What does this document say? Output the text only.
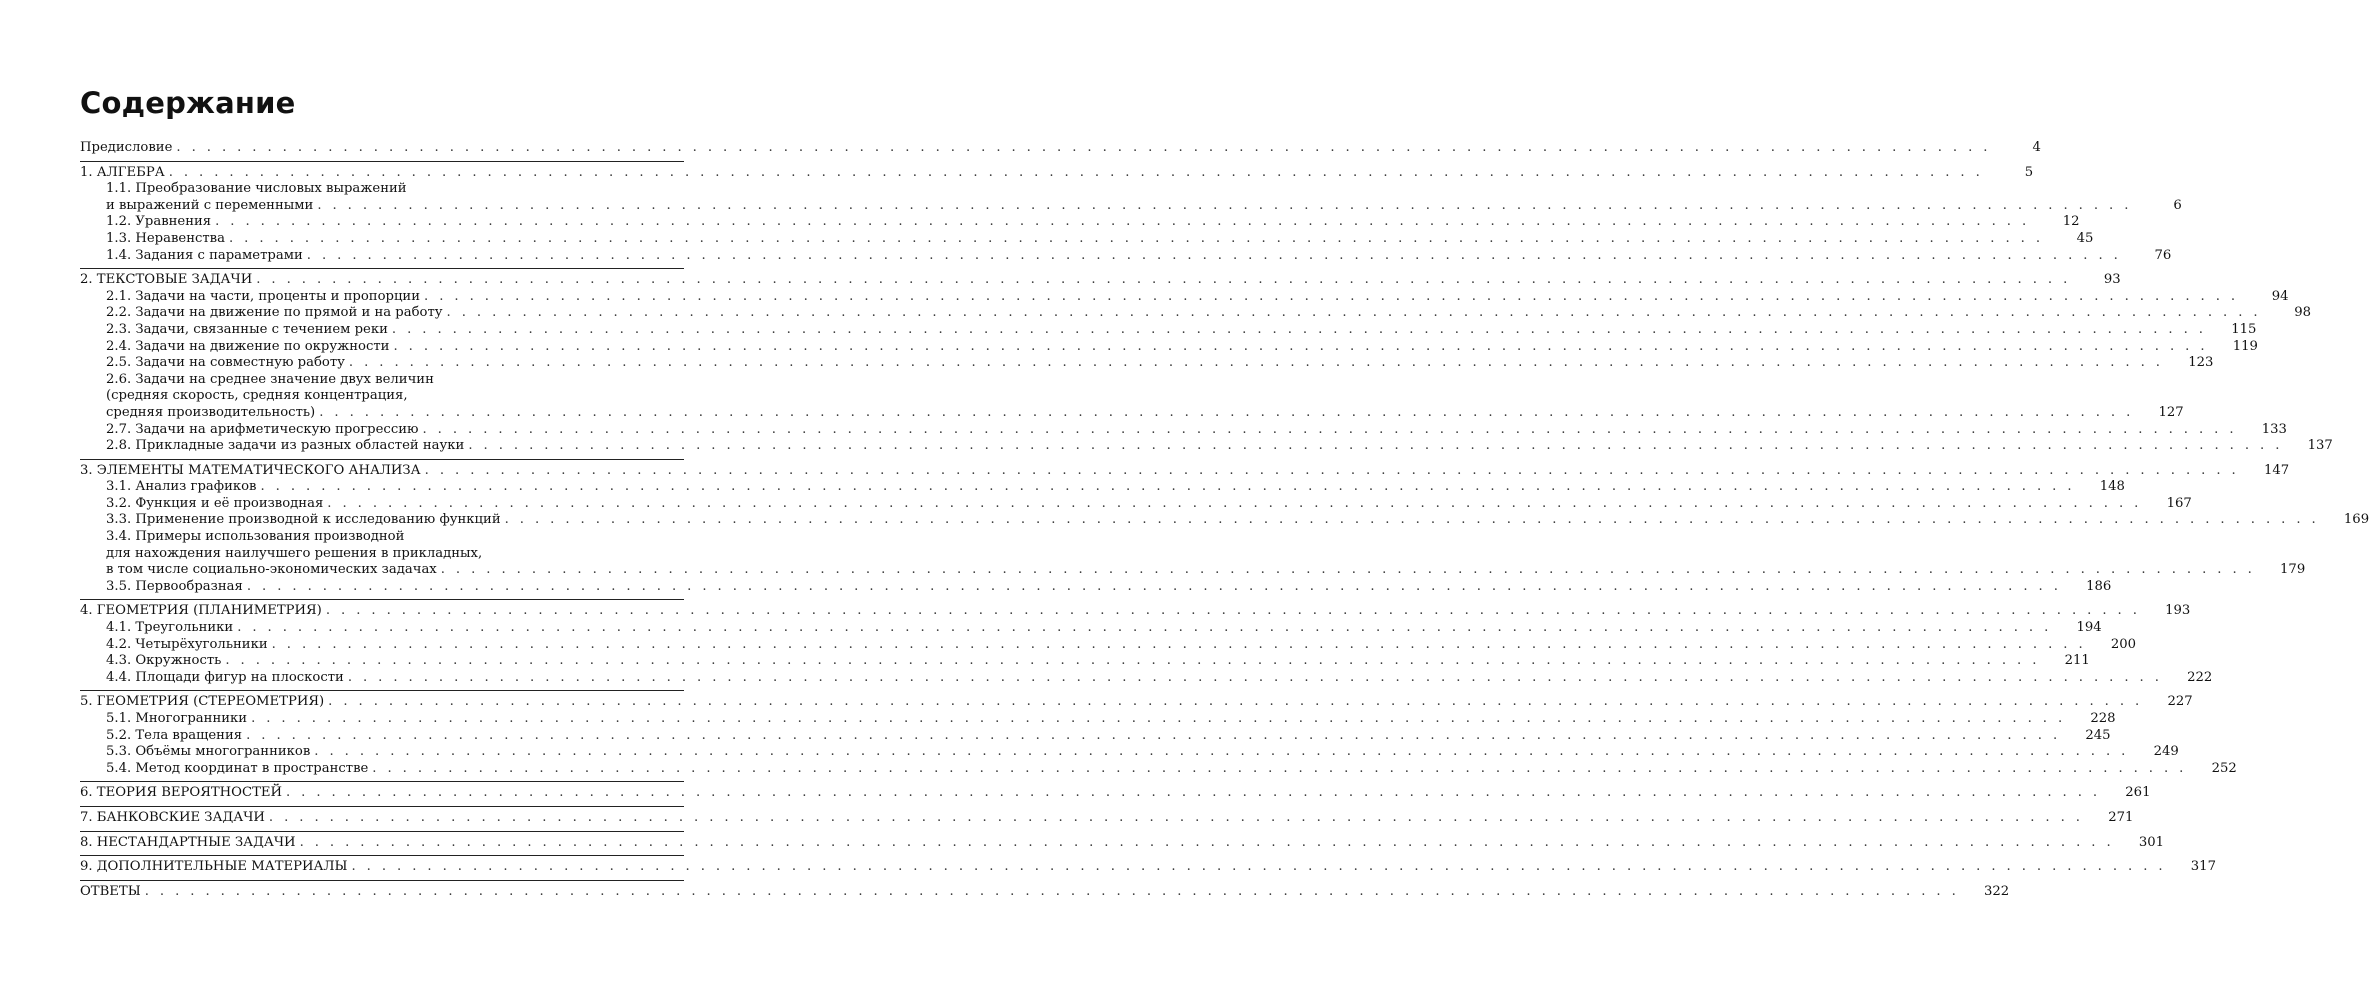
Содержание
Предисловие . . . . . . . . . . . . . . . . . . . . . . . . . . . . . . . . . . . . . . . . . . . . . . . . . . . . . . . . . . . . . . . . . . . . . . . . . . . . . . . . . . . . . . . . . . . . . . . . . . . . . . . . . . . . . . . . . . . . . . . .	4
1. АЛГЕБРА . . . . . . . . . . . . . . . . . . . . . . . . . . . . . . . . . . . . . . . . . . . . . . . . . . . . . . . . . . . . . . . . . . . . . . . . . . . . . . . . . . . . . . . . . . . . . . . . . . . . . . . . . . . . . . . . . . . . . . . .	5
1.1. Преобразование числовых выражений
и выражений с переменными . . . . . . . . . . . . . . . . . . . . . . . . . . . . . . . . . . . . . . . . . . . . . . . . . . . . . . . . . . . . . . . . . . . . . . . . . . . . . . . . . . . . . . . . . . . . . . . . . . . . . . . . . . . . . . . . . . . . . . . .	6
1.2. Уравнения . . . . . . . . . . . . . . . . . . . . . . . . . . . . . . . . . . . . . . . . . . . . . . . . . . . . . . . . . . . . . . . . . . . . . . . . . . . . . . . . . . . . . . . . . . . . . . . . . . . . . . . . . . . . . . . . . . . . . . . .	12
1.3. Неравенства . . . . . . . . . . . . . . . . . . . . . . . . . . . . . . . . . . . . . . . . . . . . . . . . . . . . . . . . . . . . . . . . . . . . . . . . . . . . . . . . . . . . . . . . . . . . . . . . . . . . . . . . . . . . . . . . . . . . . . . .	45
1.4. Задания с параметрами . . . . . . . . . . . . . . . . . . . . . . . . . . . . . . . . . . . . . . . . . . . . . . . . . . . . . . . . . . . . . . . . . . . . . . . . . . . . . . . . . . . . . . . . . . . . . . . . . . . . . . . . . . . . . . . . . . . . . . . .	76
2. ТЕКСТОВЫЕ ЗАДАЧИ . . . . . . . . . . . . . . . . . . . . . . . . . . . . . . . . . . . . . . . . . . . . . . . . . . . . . . . . . . . . . . . . . . . . . . . . . . . . . . . . . . . . . . . . . . . . . . . . . . . . . . . . . . . . . . . . . . . . . . . .	93
2.1. Задачи на части, проценты и пропорции . . . . . . . . . . . . . . . . . . . . . . . . . . . . . . . . . . . . . . . . . . . . . . . . . . . . . . . . . . . . . . . . . . . . . . . . . . . . . . . . . . . . . . . . . . . . . . . . . . . . . . . . . . . . . . . . . . . . . . . .	94
2.2. Задачи на движение по прямой и на работу . . . . . . . . . . . . . . . . . . . . . . . . . . . . . . . . . . . . . . . . . . . . . . . . . . . . . . . . . . . . . . . . . . . . . . . . . . . . . . . . . . . . . . . . . . . . . . . . . . . . . . . . . . . . . . . . . . . . . . . .	98
2.3. Задачи, связанные с течением реки . . . . . . . . . . . . . . . . . . . . . . . . . . . . . . . . . . . . . . . . . . . . . . . . . . . . . . . . . . . . . . . . . . . . . . . . . . . . . . . . . . . . . . . . . . . . . . . . . . . . . . . . . . . . . . . . . . . . . . . .	115
2.4. Задачи на движение по окружности . . . . . . . . . . . . . . . . . . . . . . . . . . . . . . . . . . . . . . . . . . . . . . . . . . . . . . . . . . . . . . . . . . . . . . . . . . . . . . . . . . . . . . . . . . . . . . . . . . . . . . . . . . . . . . . . . . . . . . . .	119
2.5. Задачи на совместную работу . . . . . . . . . . . . . . . . . . . . . . . . . . . . . . . . . . . . . . . . . . . . . . . . . . . . . . . . . . . . . . . . . . . . . . . . . . . . . . . . . . . . . . . . . . . . . . . . . . . . . . . . . . . . . . . . . . . . . . . .	123
2.6. Задачи на среднее значение двух величин
(средняя скорость, средняя концентрация,
средняя производительность) . . . . . . . . . . . . . . . . . . . . . . . . . . . . . . . . . . . . . . . . . . . . . . . . . . . . . . . . . . . . . . . . . . . . . . . . . . . . . . . . . . . . . . . . . . . . . . . . . . . . . . . . . . . . . . . . . . . . . . . .	127
2.7. Задачи на арифметическую прогрессию . . . . . . . . . . . . . . . . . . . . . . . . . . . . . . . . . . . . . . . . . . . . . . . . . . . . . . . . . . . . . . . . . . . . . . . . . . . . . . . . . . . . . . . . . . . . . . . . . . . . . . . . . . . . . . . . . . . . . . . .	133
2.8. Прикладные задачи из разных областей науки . . . . . . . . . . . . . . . . . . . . . . . . . . . . . . . . . . . . . . . . . . . . . . . . . . . . . . . . . . . . . . . . . . . . . . . . . . . . . . . . . . . . . . . . . . . . . . . . . . . . . . . . . . . . . . . . . . . . . . . .	137
3. ЭЛЕМЕНТЫ МАТЕМАТИЧЕСКОГО АНАЛИЗА . . . . . . . . . . . . . . . . . . . . . . . . . . . . . . . . . . . . . . . . . . . . . . . . . . . . . . . . . . . . . . . . . . . . . . . . . . . . . . . . . . . . . . . . . . . . . . . . . . . . . . . . . . . . . . . . . . . . . . . .	147
3.1. Анализ графиков . . . . . . . . . . . . . . . . . . . . . . . . . . . . . . . . . . . . . . . . . . . . . . . . . . . . . . . . . . . . . . . . . . . . . . . . . . . . . . . . . . . . . . . . . . . . . . . . . . . . . . . . . . . . . . . . . . . . . . . .	148
3.2. Функция и её производная . . . . . . . . . . . . . . . . . . . . . . . . . . . . . . . . . . . . . . . . . . . . . . . . . . . . . . . . . . . . . . . . . . . . . . . . . . . . . . . . . . . . . . . . . . . . . . . . . . . . . . . . . . . . . . . . . . . . . . . .	167
3.3. Применение производной к исследованию функций . . . . . . . . . . . . . . . . . . . . . . . . . . . . . . . . . . . . . . . . . . . . . . . . . . . . . . . . . . . . . . . . . . . . . . . . . . . . . . . . . . . . . . . . . . . . . . . . . . . . . . . . . . . . . . . . . . . . . . . .	169
3.4. Примеры использования производной
для нахождения наилучшего решения в прикладных,
в том числе социально-экономических задачах . . . . . . . . . . . . . . . . . . . . . . . . . . . . . . . . . . . . . . . . . . . . . . . . . . . . . . . . . . . . . . . . . . . . . . . . . . . . . . . . . . . . . . . . . . . . . . . . . . . . . . . . . . . . . . . . . . . . . . . .	179
3.5. Первообразная . . . . . . . . . . . . . . . . . . . . . . . . . . . . . . . . . . . . . . . . . . . . . . . . . . . . . . . . . . . . . . . . . . . . . . . . . . . . . . . . . . . . . . . . . . . . . . . . . . . . . . . . . . . . . . . . . . . . . . . .	186
4. ГЕОМЕТРИЯ (ПЛАНИМЕТРИЯ) . . . . . . . . . . . . . . . . . . . . . . . . . . . . . . . . . . . . . . . . . . . . . . . . . . . . . . . . . . . . . . . . . . . . . . . . . . . . . . . . . . . . . . . . . . . . . . . . . . . . . . . . . . . . . . . . . . . . . . . .	193
4.1. Треугольники . . . . . . . . . . . . . . . . . . . . . . . . . . . . . . . . . . . . . . . . . . . . . . . . . . . . . . . . . . . . . . . . . . . . . . . . . . . . . . . . . . . . . . . . . . . . . . . . . . . . . . . . . . . . . . . . . . . . . . . .	194
4.2. Четырёхугольники . . . . . . . . . . . . . . . . . . . . . . . . . . . . . . . . . . . . . . . . . . . . . . . . . . . . . . . . . . . . . . . . . . . . . . . . . . . . . . . . . . . . . . . . . . . . . . . . . . . . . . . . . . . . . . . . . . . . . . . .	200
4.3. Окружность . . . . . . . . . . . . . . . . . . . . . . . . . . . . . . . . . . . . . . . . . . . . . . . . . . . . . . . . . . . . . . . . . . . . . . . . . . . . . . . . . . . . . . . . . . . . . . . . . . . . . . . . . . . . . . . . . . . . . . . .	211
4.4. Площади фигур на плоскости . . . . . . . . . . . . . . . . . . . . . . . . . . . . . . . . . . . . . . . . . . . . . . . . . . . . . . . . . . . . . . . . . . . . . . . . . . . . . . . . . . . . . . . . . . . . . . . . . . . . . . . . . . . . . . . . . . . . . . . .	222
5. ГЕОМЕТРИЯ (СТЕРЕОМЕТРИЯ) . . . . . . . . . . . . . . . . . . . . . . . . . . . . . . . . . . . . . . . . . . . . . . . . . . . . . . . . . . . . . . . . . . . . . . . . . . . . . . . . . . . . . . . . . . . . . . . . . . . . . . . . . . . . . . . . . . . . . . . .	227
5.1. Многогранники . . . . . . . . . . . . . . . . . . . . . . . . . . . . . . . . . . . . . . . . . . . . . . . . . . . . . . . . . . . . . . . . . . . . . . . . . . . . . . . . . . . . . . . . . . . . . . . . . . . . . . . . . . . . . . . . . . . . . . . .	228
5.2. Тела вращения . . . . . . . . . . . . . . . . . . . . . . . . . . . . . . . . . . . . . . . . . . . . . . . . . . . . . . . . . . . . . . . . . . . . . . . . . . . . . . . . . . . . . . . . . . . . . . . . . . . . . . . . . . . . . . . . . . . . . . . .	245
5.3. Объёмы многогранников . . . . . . . . . . . . . . . . . . . . . . . . . . . . . . . . . . . . . . . . . . . . . . . . . . . . . . . . . . . . . . . . . . . . . . . . . . . . . . . . . . . . . . . . . . . . . . . . . . . . . . . . . . . . . . . . . . . . . . . .	249
5.4. Метод координат в пространстве . . . . . . . . . . . . . . . . . . . . . . . . . . . . . . . . . . . . . . . . . . . . . . . . . . . . . . . . . . . . . . . . . . . . . . . . . . . . . . . . . . . . . . . . . . . . . . . . . . . . . . . . . . . . . . . . . . . . . . . .	252
6. ТЕОРИЯ ВЕРОЯТНОСТЕЙ . . . . . . . . . . . . . . . . . . . . . . . . . . . . . . . . . . . . . . . . . . . . . . . . . . . . . . . . . . . . . . . . . . . . . . . . . . . . . . . . . . . . . . . . . . . . . . . . . . . . . . . . . . . . . . . . . . . . . . . .	261
7. БАНКОВСКИЕ ЗАДАЧИ . . . . . . . . . . . . . . . . . . . . . . . . . . . . . . . . . . . . . . . . . . . . . . . . . . . . . . . . . . . . . . . . . . . . . . . . . . . . . . . . . . . . . . . . . . . . . . . . . . . . . . . . . . . . . . . . . . . . . . . .	271
8. НЕСТАНДАРТНЫЕ ЗАДАЧИ . . . . . . . . . . . . . . . . . . . . . . . . . . . . . . . . . . . . . . . . . . . . . . . . . . . . . . . . . . . . . . . . . . . . . . . . . . . . . . . . . . . . . . . . . . . . . . . . . . . . . . . . . . . . . . . . . . . . . . . .	301
9. ДОПОЛНИТЕЛЬНЫЕ МАТЕРИАЛЫ . . . . . . . . . . . . . . . . . . . . . . . . . . . . . . . . . . . . . . . . . . . . . . . . . . . . . . . . . . . . . . . . . . . . . . . . . . . . . . . . . . . . . . . . . . . . . . . . . . . . . . . . . . . . . . . . . . . . . . . .	317
ОТВЕТЫ . . . . . . . . . . . . . . . . . . . . . . . . . . . . . . . . . . . . . . . . . . . . . . . . . . . . . . . . . . . . . . . . . . . . . . . . . . . . . . . . . . . . . . . . . . . . . . . . . . . . . . . . . . . . . . . . . . . . . . . .	322
